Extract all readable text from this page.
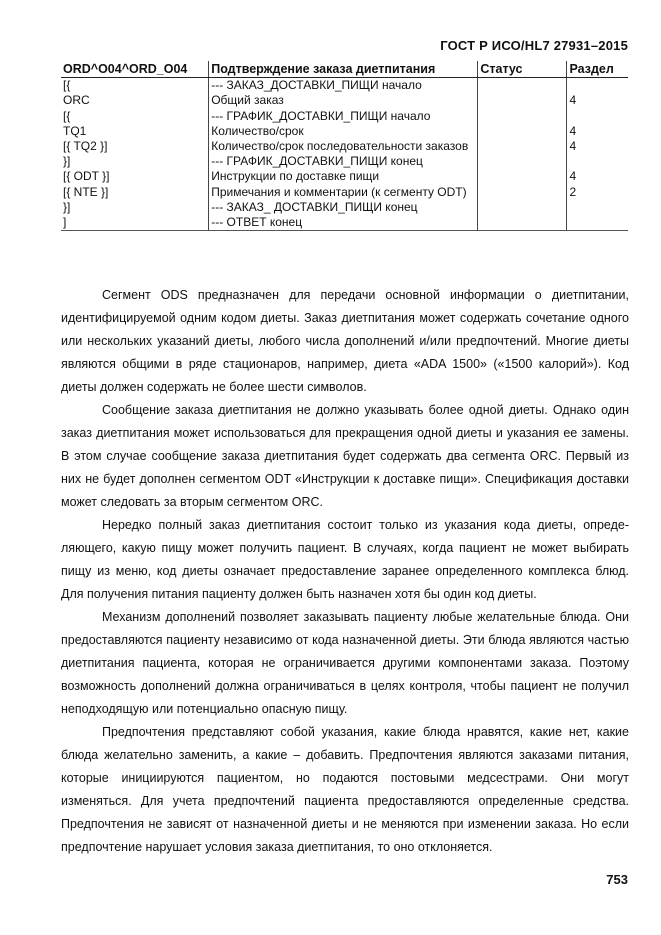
ГОСТ Р ИСО/HL7 27931–2015
ORD^O04^ORD_O04	Подтверждение заказа диетпитания	Статус	Раздел
[{	--- ЗАКАЗ_ДОСТАВКИ_ПИЩИ начало		
ORC	Общий заказ		4
[{	--- ГРАФИК_ДОСТАВКИ_ПИЩИ начало		
TQ1	Количество/срок		4
[{ TQ2 }]	Количество/срок последовательности заказов		4
}]	--- ГРАФИК_ДОСТАВКИ_ПИЩИ конец		
[{ ODT }]	Инструкции по доставке пищи		4
[{ NTE }]	Примечания и комментарии (к сегменту ODT)		2
}]	--- ЗАКАЗ_ ДОСТАВКИ_ПИЩИ конец		
]	--- ОТВЕТ конец		

Сегмент ODS предназначен для передачи основной информации о диетпитании, идентифицируемой одним кодом диеты. Заказ диетпитания может содержать сочетание одного или нескольких указаний диеты, любого числа дополнений и/или предпочтений. Многие диеты являются общими в ряде стационаров, например, диета «ADA 1500» («1500 калорий»). Код диеты должен содержать не более шести символов.

Сообщение заказа диетпитания не должно указывать более одной диеты. Однако один заказ диетпитания может использоваться для прекращения одной диеты и указания ее замены. В этом случае сообщение заказа диетпитания будет содержать два сегмента ORC. Первый из них не будет дополнен сегментом ODT «Инструкции к доставке пищи». Спецификация доставки может следовать за вторым сегментом ORC.

Нередко полный заказ диетпитания состоит только из указания кода диеты, определяющего, какую пищу может получить пациент. В случаях, когда пациент не может выбирать пищу из меню, код диеты означает предоставление заранее определенного комплекса блюд. Для получения питания пациенту должен быть назначен хотя бы один код диеты.

Механизм дополнений позволяет заказывать пациенту любые желательные блюда. Они предоставляются пациенту независимо от кода назначенной диеты. Эти блюда являются частью диетпитания пациента, которая не ограничивается другими компонентами заказа. Поэтому возможность дополнений должна ограничиваться в целях контроля, чтобы пациент не получил неподходящую или потенциально опасную пищу.

Предпочтения представляют собой указания, какие блюда нравятся, какие нет, какие блюда желательно заменить, а какие – добавить. Предпочтения являются заказами питания, которые инициируются пациентом, но подаются постовыми медсестрами. Они могут изменяться. Для учета предпочтений пациента предоставляются определенные средства. Предпочтения не зависят от назначенной диеты и не меняются при изменении заказа. Но если предпочтение нарушает условия заказа диетпитания, то оно отклоняется.

753
